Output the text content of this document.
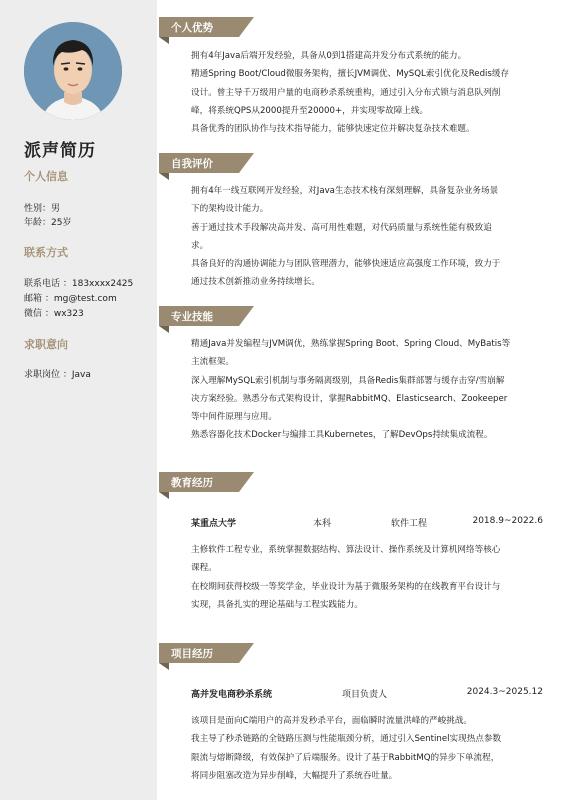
派声简历
个人信息
性别：男
年龄：25岁
联系方式
联系电话 ：183xxxx2425
邮箱 ：mg@test.com
微信 ：wx323
求职意向
求职岗位 ：Java
个人优势
拥有4年Java后端开发经验，具备从0到1搭建高并发分布式系统的能力。
精通Spring Boot/Cloud微服务架构，擅长JVM调优、MySQL索引优化及Redis缓存
设计。曾主导千万级用户量的电商秒杀系统重构，通过引入分布式锁与消息队列削
峰，将系统QPS从2000提升至20000+，并实现零故障上线。
具备优秀的团队协作与技术指导能力，能够快速定位并解决复杂技术难题。
自我评价
拥有4年一线互联网开发经验，对Java生态技术栈有深刻理解，具备复杂业务场景
下的架构设计能力。
善于通过技术手段解决高并发、高可用性难题，对代码质量与系统性能有极致追
求。
具备良好的沟通协调能力与团队管理潜力，能够快速适应高强度工作环境，致力于
通过技术创新推动业务持续增长。
专业技能
精通Java并发编程与JVM调优，熟练掌握Spring Boot、Spring Cloud、MyBatis等
主流框架。
深入理解MySQL索引机制与事务隔离级别，具备Redis集群部署与缓存击穿/雪崩解
决方案经验。熟悉分布式架构设计，掌握RabbitMQ、Elasticsearch、Zookeeper
等中间件原理与应用。
熟悉容器化技术Docker与编排工具Kubernetes，了解DevOps持续集成流程。
教育经历
某重点大学	本科	软件工程	2018.9~2022.6
主修软件工程专业，系统掌握数据结构、算法设计、操作系统及计算机网络等核心
课程。
在校期间获得校级一等奖学金，毕业设计为基于微服务架构的在线教育平台设计与
实现，具备扎实的理论基础与工程实践能力。
项目经历
高并发电商秒杀系统	项目负责人	2024.3~2025.12
该项目是面向C端用户的高并发秒杀平台，面临瞬时流量洪峰的严峻挑战。
我主导了秒杀链路的全链路压测与性能瓶颈分析，通过引入Sentinel实现热点参数
限流与熔断降级，有效保护了后端服务。设计了基于RabbitMQ的异步下单流程，
将同步阻塞改造为异步削峰，大幅提升了系统吞吐量。
